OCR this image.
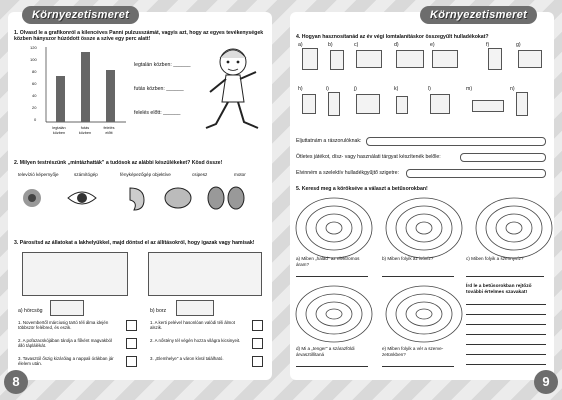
Környezetismeret	Környezetismeret
1. Olvasd le a grafikonról a kilencéves Panni pulzusszámát, vagyis azt, hogy az egyes tevékenységek közben hányszor húzódott össze a szíve egy perc alatt!
120
100
80
60
40
20
0
legtalán
közben
futás
közben
felelés
előtt
legtalán közben: ______
futás közben: ______
felelés előtt: ______
2. Milyen testrészünk „mintázhatták" a tudósok az alábbi készülékeket? Kösd össze!
televízió képernyője	számítógép	fényképezőgép objektíve	csipesz	motor
3. Párosítsd az állatokat a lakhelyükkel, majd döntsd el az állításokról, hogy igazak vagy hamisak!
a) hörcsög	b) borz
1. Novembertől márciusig tartó téli álma idején többször felébred, és eszik.
2. A pofazacskójában tárolja a főként magvakból álló táplálékát.
3. Tavasztól őszig kizárólag a nappali órákban jár élelem után.
1. A kerti pelével hasonlóan valódi téli álmot alszik.
2. A nőstény tél végén hozza világra kicsinyeit.
3. „Elemhelye" a váron kívül található.
4. Hogyan hasznosítanád az év végi lomtalanításkor összegyűlt hulladékokat?
a)	b)	c)	d)	e)	f)	g)
h)	i)	j)	k)	l)	m)	n)
Eljuttatnám a rászorulóknak:
Ötletes játékot, dísz- vagy használati tárgyat készítenék belőle:
Elvinném a szelektív hulladékgyűjtő szigetre:
5. Keresd meg a körökséve a választ a betűsorokban!
a) Miben „halad" az elektromos áram?
b) Miben folyik az ivóvíz?	c) Miben folyik a szennyvíz?
d) Mi a „tenger" a szárazföldi árvasztillítaná
e) Miben folyik a vér a szerve- zetünkben?
Írd le a betűsorokban rejtőző további értelmes szavakat!
8	9
